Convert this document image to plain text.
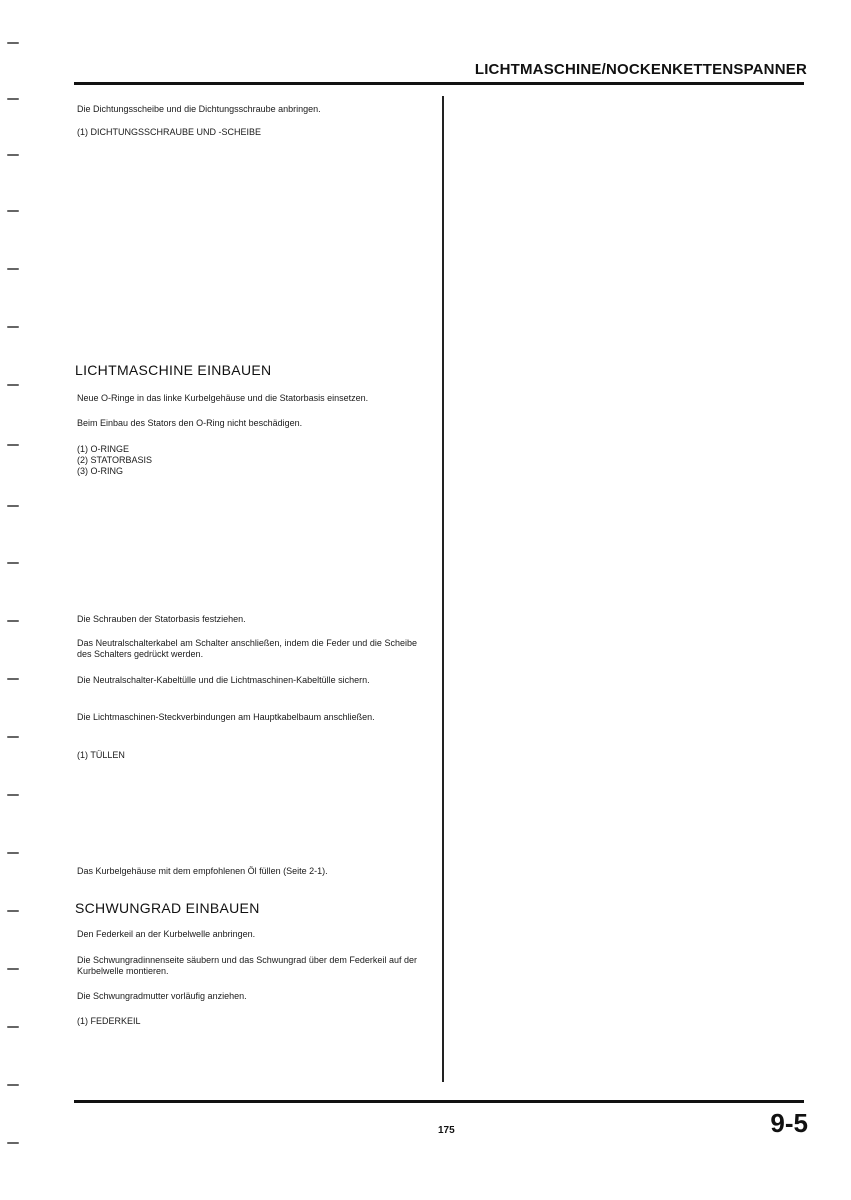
LICHTMASCHINE/NOCKENKETTENSPANNER

Die Dichtungsscheibe und die Dichtungsschraube anbringen.

(1) DICHTUNGSSCHRAUBE UND -SCHEIBE

LICHTMASCHINE EINBAUEN

Neue O-Ringe in das linke Kurbelgehäuse und die Statorbasis einsetzen.

Beim Einbau des Stators den O-Ring nicht beschädigen.

(1) O-RINGE
(2) STATORBASIS
(3) O-RING

Die Schrauben der Statorbasis festziehen.

Das Neutralschalterkabel am Schalter anschließen, indem die Feder und die Scheibe des Schalters gedrückt werden.

Die Neutralschalter-Kabeltülle und die Lichtmaschinen-Kabeltülle sichern.

Die Lichtmaschinen-Steckverbindungen am Hauptkabelbaum anschließen.

(1) TÜLLEN

Das Kurbelgehäuse mit dem empfohlenen Öl füllen (Seite 2-1).

SCHWUNGRAD EINBAUEN

Den Federkeil an der Kurbelwelle anbringen.

Die Schwungradinnenseite säubern und das Schwungrad über dem Federkeil auf der Kurbelwelle montieren.

Die Schwungradmutter vorläufig anziehen.

(1) FEDERKEIL

175	9-5
